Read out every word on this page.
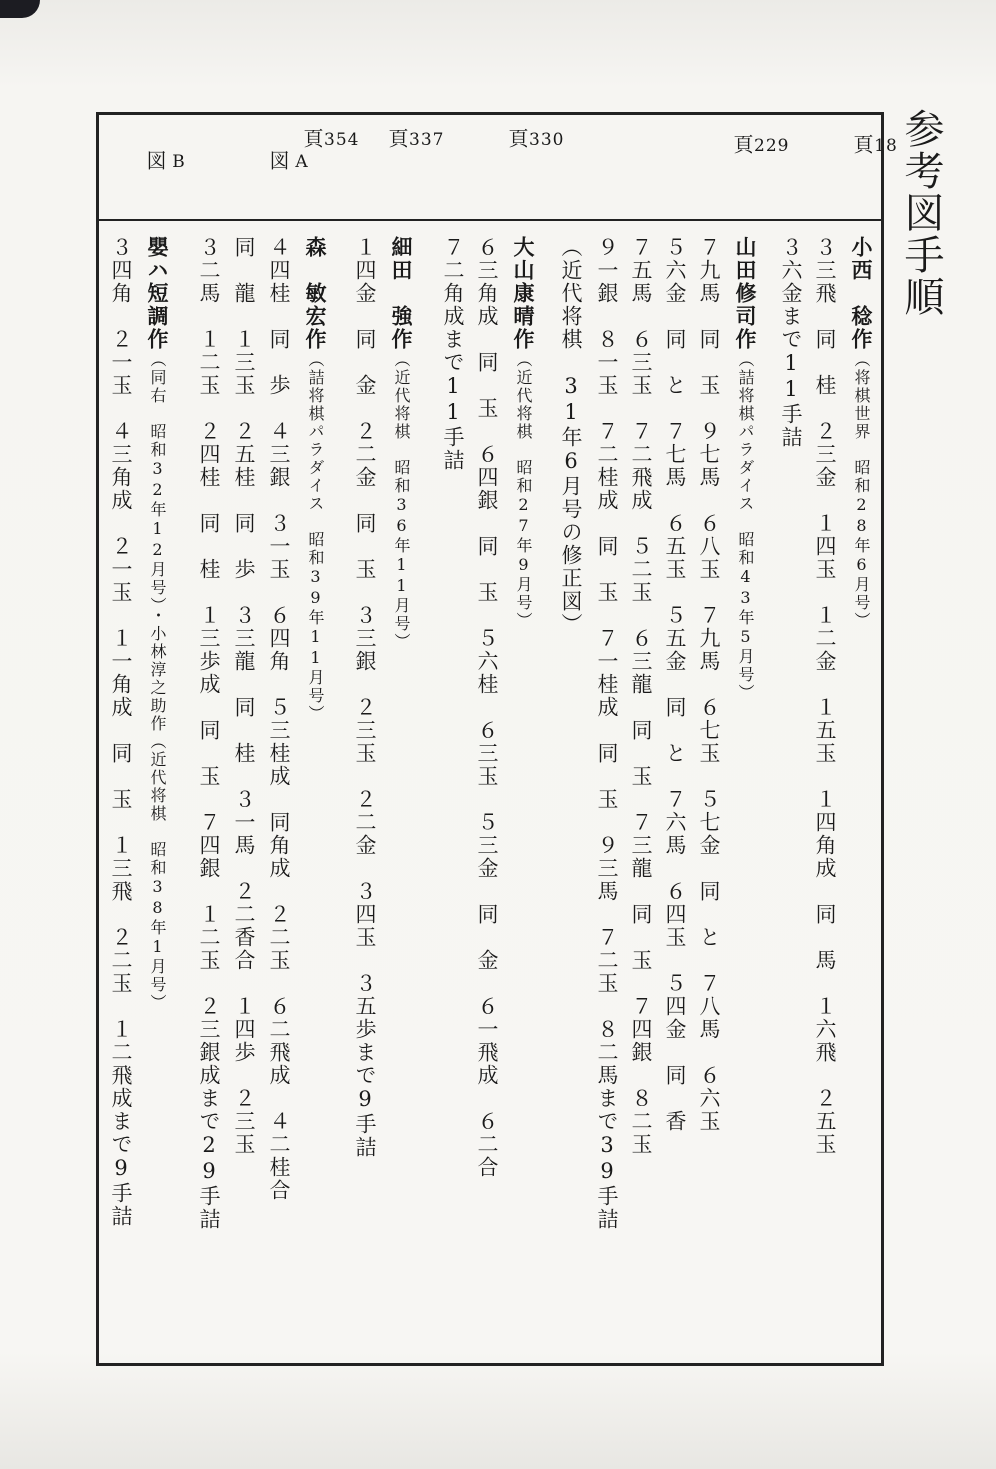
参考図手順
18
頁
229
頁
330
頁
337
頁
354
頁
A
図
B
図
小西　稔作（将棋世界　昭和28年6月号）
３三飛　同　桂　２三金　１四玉　１二金　１五玉　１四角成　同　馬　１六飛　２五玉
３六金まで11手詰
山田修司作（詰将棋パラダイス　昭和43年5月号）
７九馬　同　玉　９七馬　６八玉　７九馬　６七玉　５七金　同　と　７八馬　６六玉
５六金　同　と　７七馬　６五玉　５五金　同　と　７六馬　６四玉　５四金　同　香
７五馬　６三玉　７二飛成　５二玉　６三龍　同　玉　７三龍　同　玉　７四銀　８二玉
９一銀　８一玉　７二桂成　同　玉　７一桂成　同　玉　９三馬　７二玉　８二馬まで39手詰
（近代将棋　31年6月号の修正図）
大山康晴作（近代将棋　昭和27年9月号）
６三角成　同　玉　６四銀　同　玉　５六桂　６三玉　５三金　同　金　６一飛成　６二合
７二角成まで11手詰
細田　強作（近代将棋　昭和36年11月号）
１四金　同　金　２二金　同　玉　３三銀　２三玉　２二金　３四玉　３五歩まで9手詰
森　敏宏作（詰将棋パラダイス　昭和39年11月号）
４四桂　同　歩　４三銀　３一玉　６四角　５三桂成　同角成　２二玉　６二飛成　４二桂合
同　龍　１三玉　２五桂　同　歩　３三龍　同　桂　３一馬　２二香合　１四歩　２三玉
３二馬　１二玉　２四桂　同　桂　１三歩成　同　玉　７四銀　１二玉　２三銀成まで29手詰
嬰ハ短調作（同右　昭和32年12月号）・小林淳之助作（近代将棋　昭和38年1月号）
３四角　２一玉　４三角成　２一玉　１一角成　同　玉　１三飛　２二玉　１二飛成まで9手詰
